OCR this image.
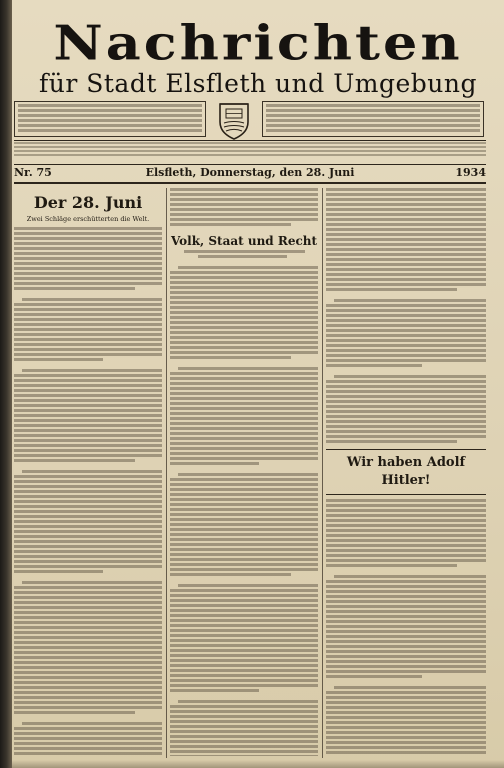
Nachrichten
für Stadt Elsfleth und Umgebung
Nr. 75	Elsfleth, Donnerstag, den 28. Juni	1934
Der 28. Juni
Zwei Schläge erschütterten die Welt.
Volk, Staat und Recht
Wir haben Adolf Hitler!
